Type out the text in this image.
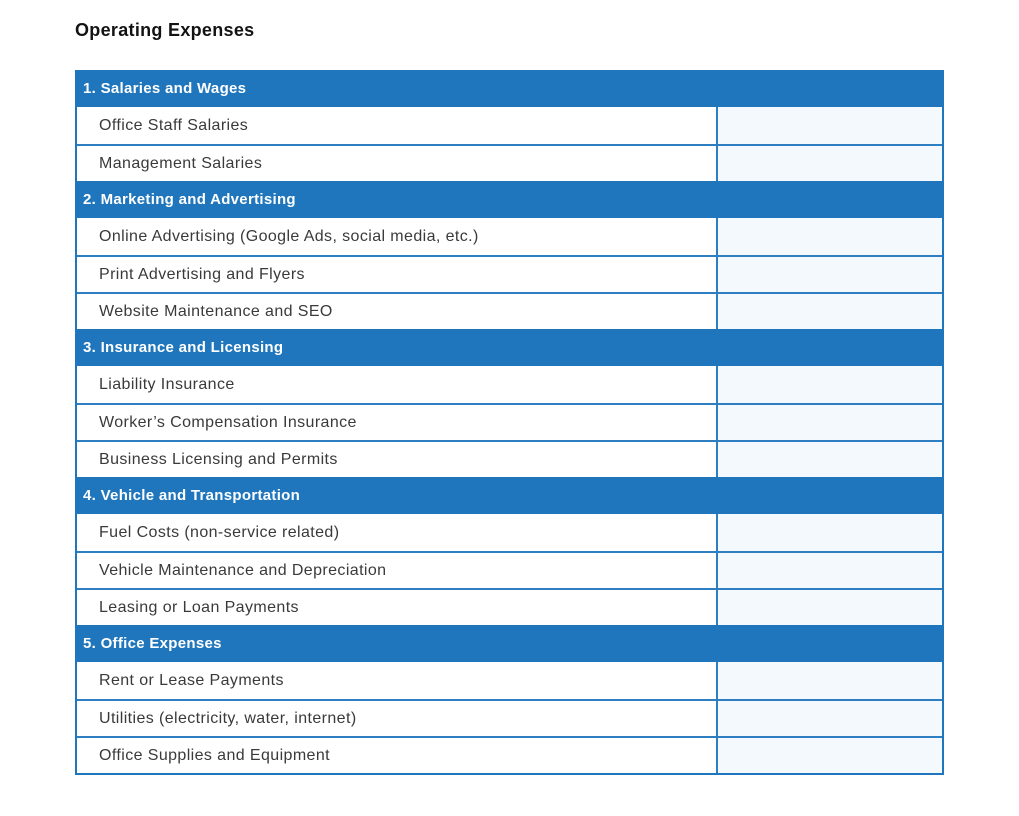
Operating Expenses
1. Salaries and Wages
Office Staff Salaries
Management Salaries
2. Marketing and Advertising
Online Advertising (Google Ads, social media, etc.)
Print Advertising and Flyers
Website Maintenance and SEO
3. Insurance and Licensing
Liability Insurance
Worker’s Compensation Insurance
Business Licensing and Permits
4. Vehicle and Transportation
Fuel Costs (non-service related)
Vehicle Maintenance and Depreciation
Leasing or Loan Payments
5. Office Expenses
Rent or Lease Payments
Utilities (electricity, water, internet)
Office Supplies and Equipment
